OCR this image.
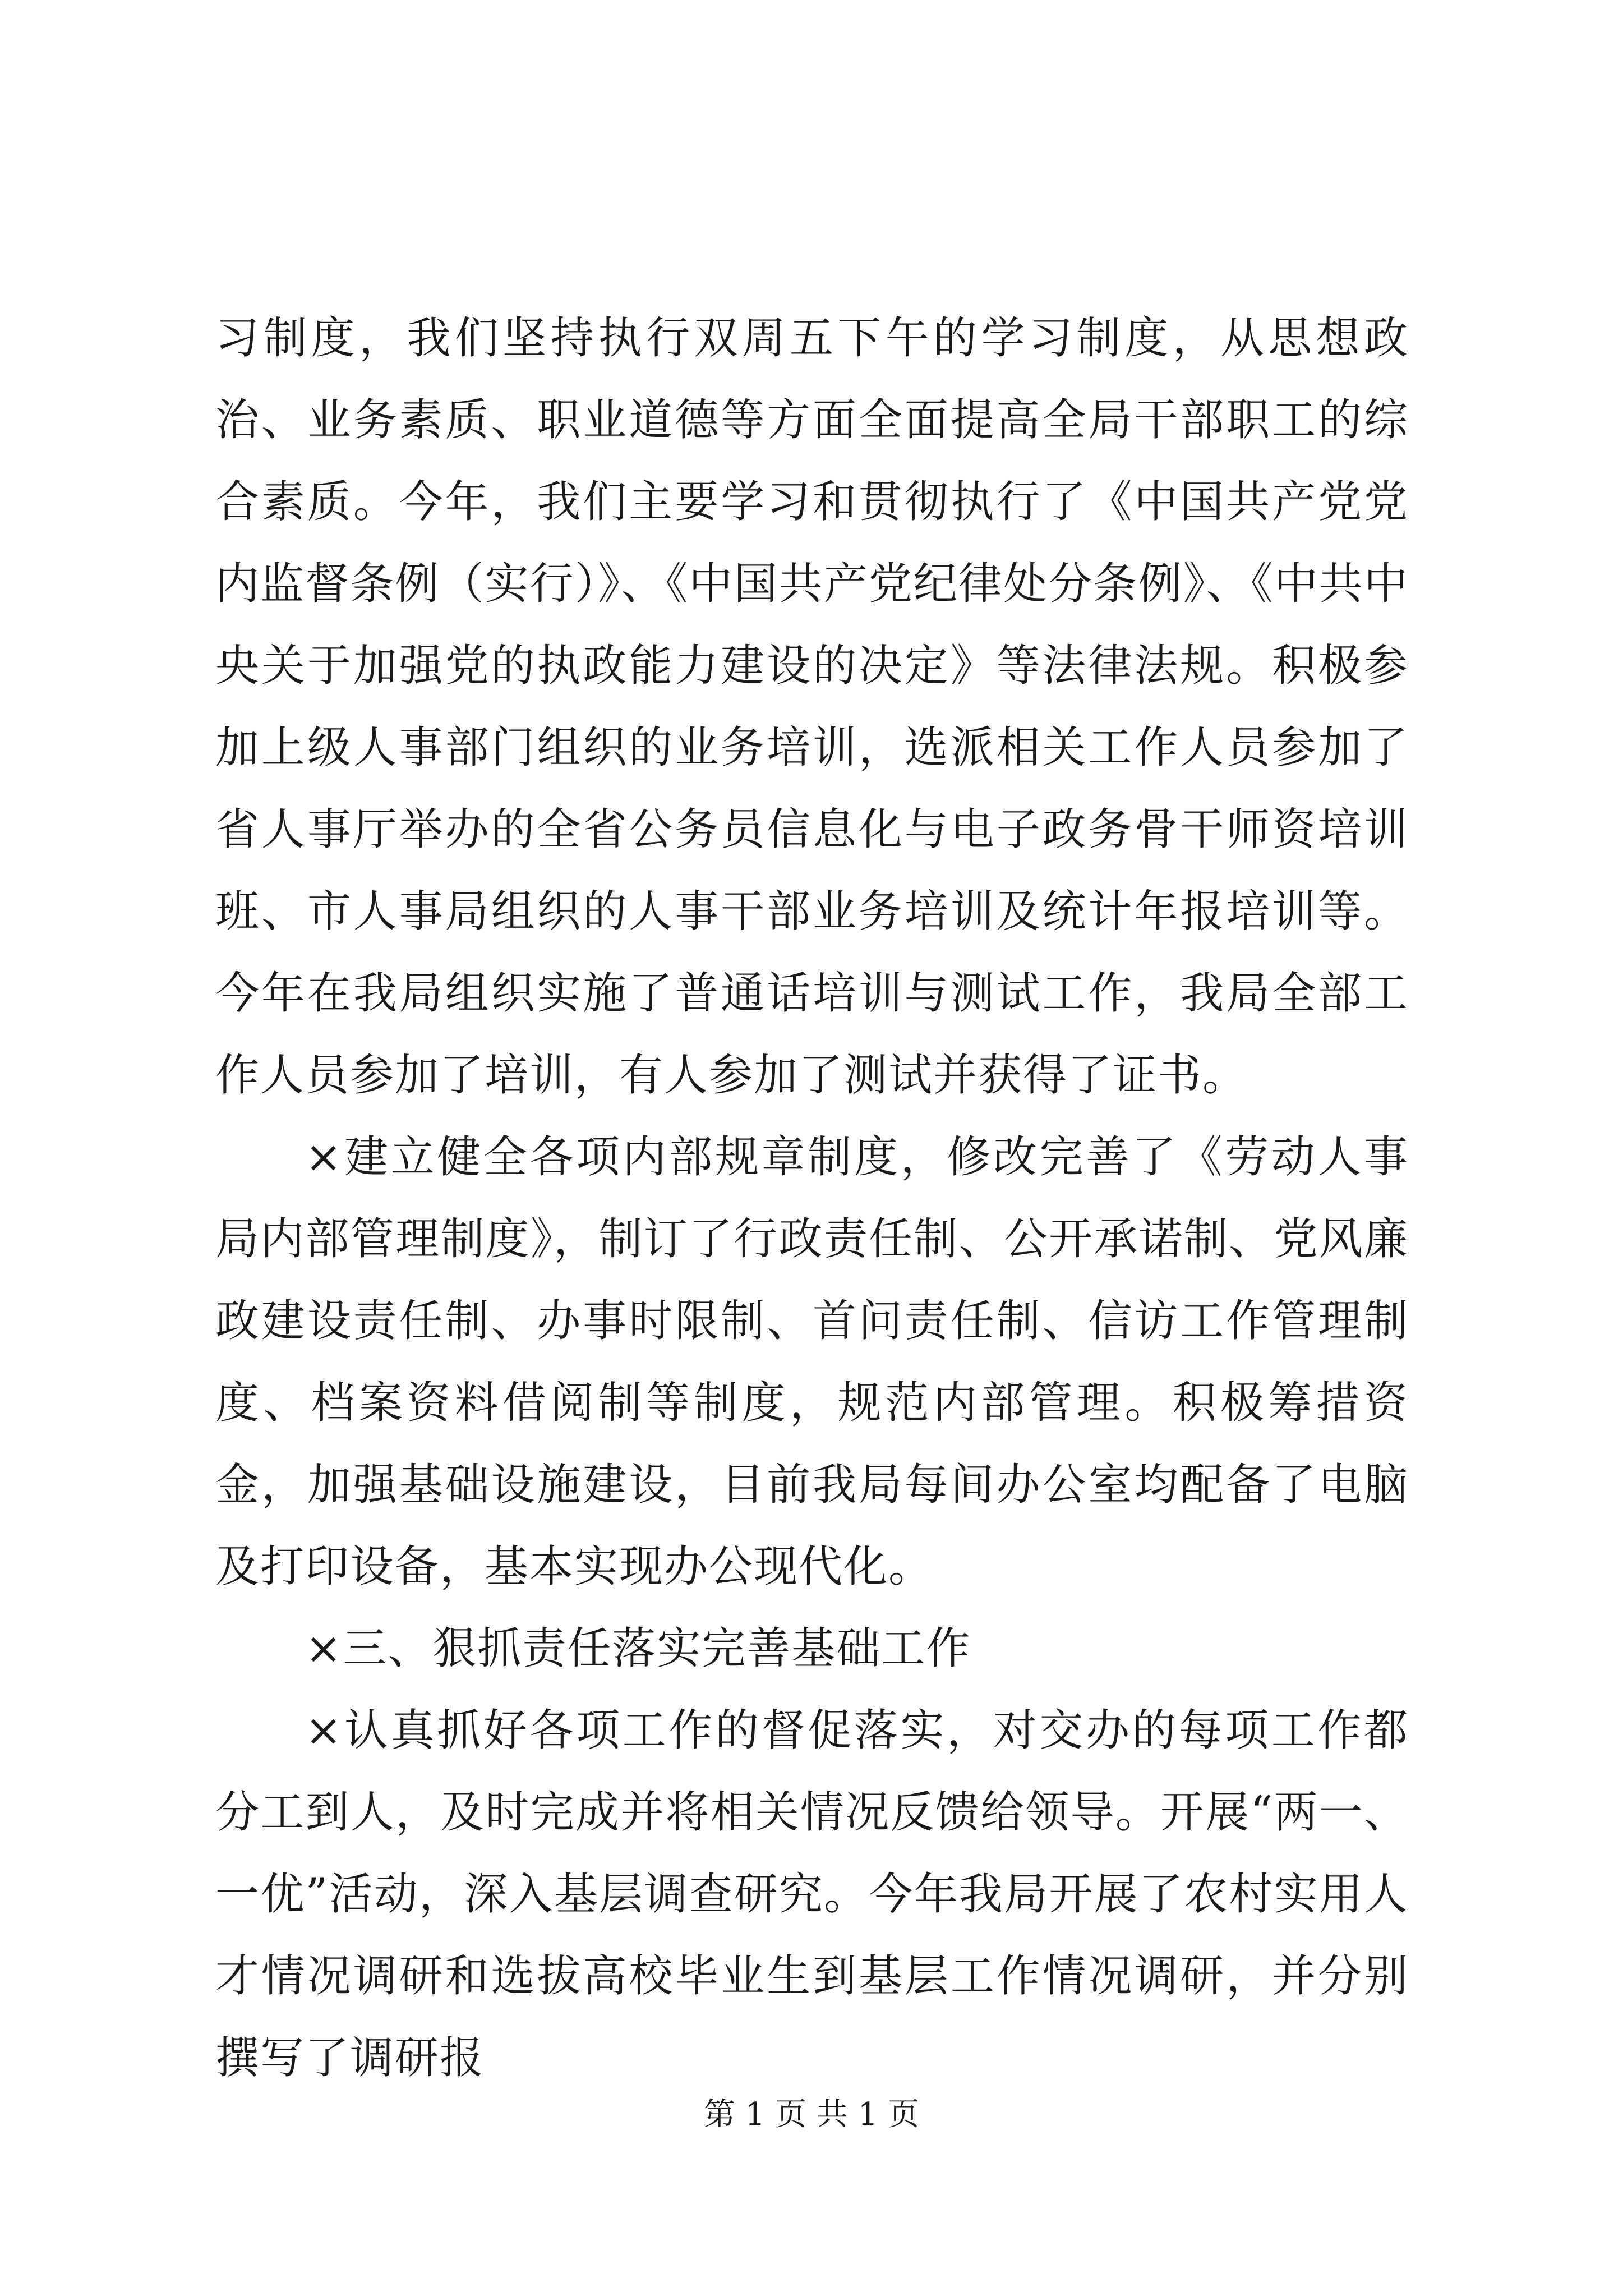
习制度，我们坚持执行双周五下午的学习制度，从思想政治、业务素质、职业道德等方面全面提高全局干部职工的综合素质。今年，我们主要学习和贯彻执行了《中国共产党党内监督条例（实行）》、《中国共产党纪律处分条例》、《中共中央关于加强党的执政能力建设的决定》等法律法规。积极参加上级人事部门组织的业务培训，选派相关工作人员参加了省人事厅举办的全省公务员信息化与电子政务骨干师资培训班、市人事局组织的人事干部业务培训及统计年报培训等。今年在我局组织实施了普通话培训与测试工作，我局全部工作人员参加了培训，有人参加了测试并获得了证书。

×建立健全各项内部规章制度，修改完善了《劳动人事局内部管理制度》，制订了行政责任制、公开承诺制、党风廉政建设责任制、办事时限制、首问责任制、信访工作管理制度、档案资料借阅制等制度，规范内部管理。积极筹措资金，加强基础设施建设，目前我局每间办公室均配备了电脑及打印设备，基本实现办公现代化。

×三、狠抓责任落实完善基础工作

×认真抓好各项工作的督促落实，对交办的每项工作都分工到人，及时完成并将相关情况反馈给领导。开展“两一、一优”活动，深入基层调查研究。今年我局开展了农村实用人才情况调研和选拔高校毕业生到基层工作情况调研，并分别撰写了调研报

第 1 页 共 1 页
